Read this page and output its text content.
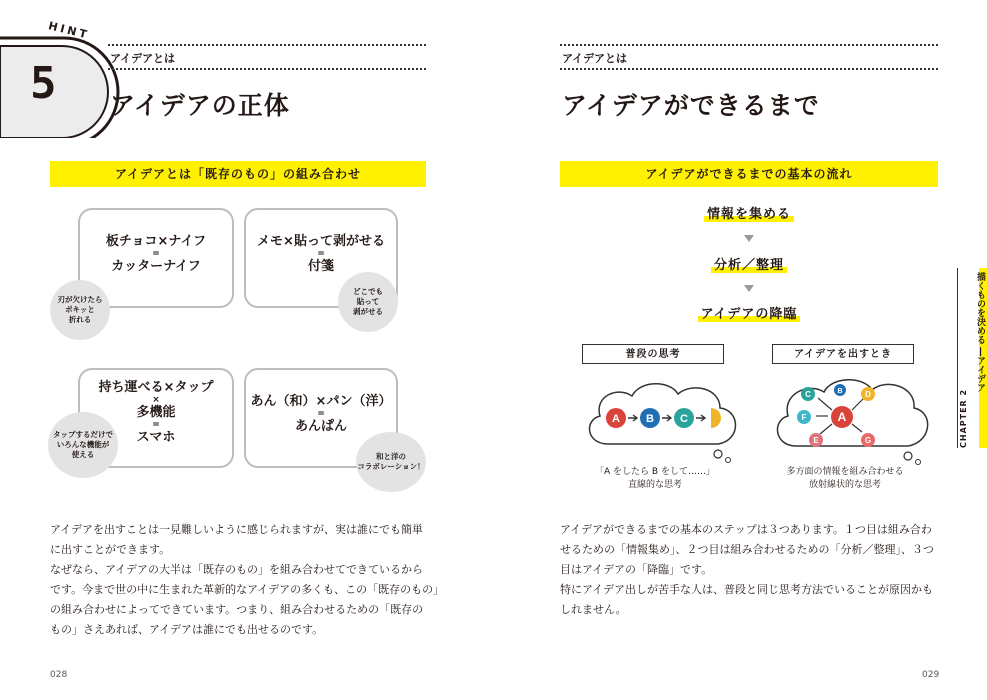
HINT
5	アイデアとは
アイデアの正体
アイデアとは「既存のもの」の組み合わせ
板チョコ×ナイフ
=
カッターナイフ
刃が欠けたら
ポキッと
折れる
メモ×貼って剥がせる
=
付箋
どこでも
貼って
剥がせる
持ち運べる×タップ
×
多機能
=
スマホ
タップするだけで
いろんな機能が
使える
あん（和）×パン（洋）
=
あんぱん
和と洋の
コラボレーション！
アイデアを出すことは一見難しいように感じられますが、実は誰にでも簡単
に出すことができます。
なぜなら、アイデアの大半は「既存のもの」を組み合わせてできているから
です。今まで世の中に生まれた革新的なアイデアの多くも、この「既存のもの」
の組み合わせによってできています。つまり、組み合わせるための「既存の
もの」さえあれば、アイデアは誰にでも出せるのです。
028
アイデアとは
アイデアができるまで
アイデアができるまでの基本の流れ
情報を集める
分析／整理
アイデアの降臨
普段の思考	アイデアを出すとき
A B C	A
B
C	D
E
F
G
「A をしたら B をして……」
直線的な思考
多方面の情報を組み合わせる
放射線状的な思考
アイデアができるまでの基本のステップは３つあります。１つ目は組み合わ
せるための「情報集め」、２つ目は組み合わせるための「分析／整理」、３つ
目はアイデアの「降臨」です。
特にアイデア出しが苦手な人は、普段と同じ思考方法でいることが原因かも
しれません。
029
CHAPTER 2
描くものを決める ―アイデア
